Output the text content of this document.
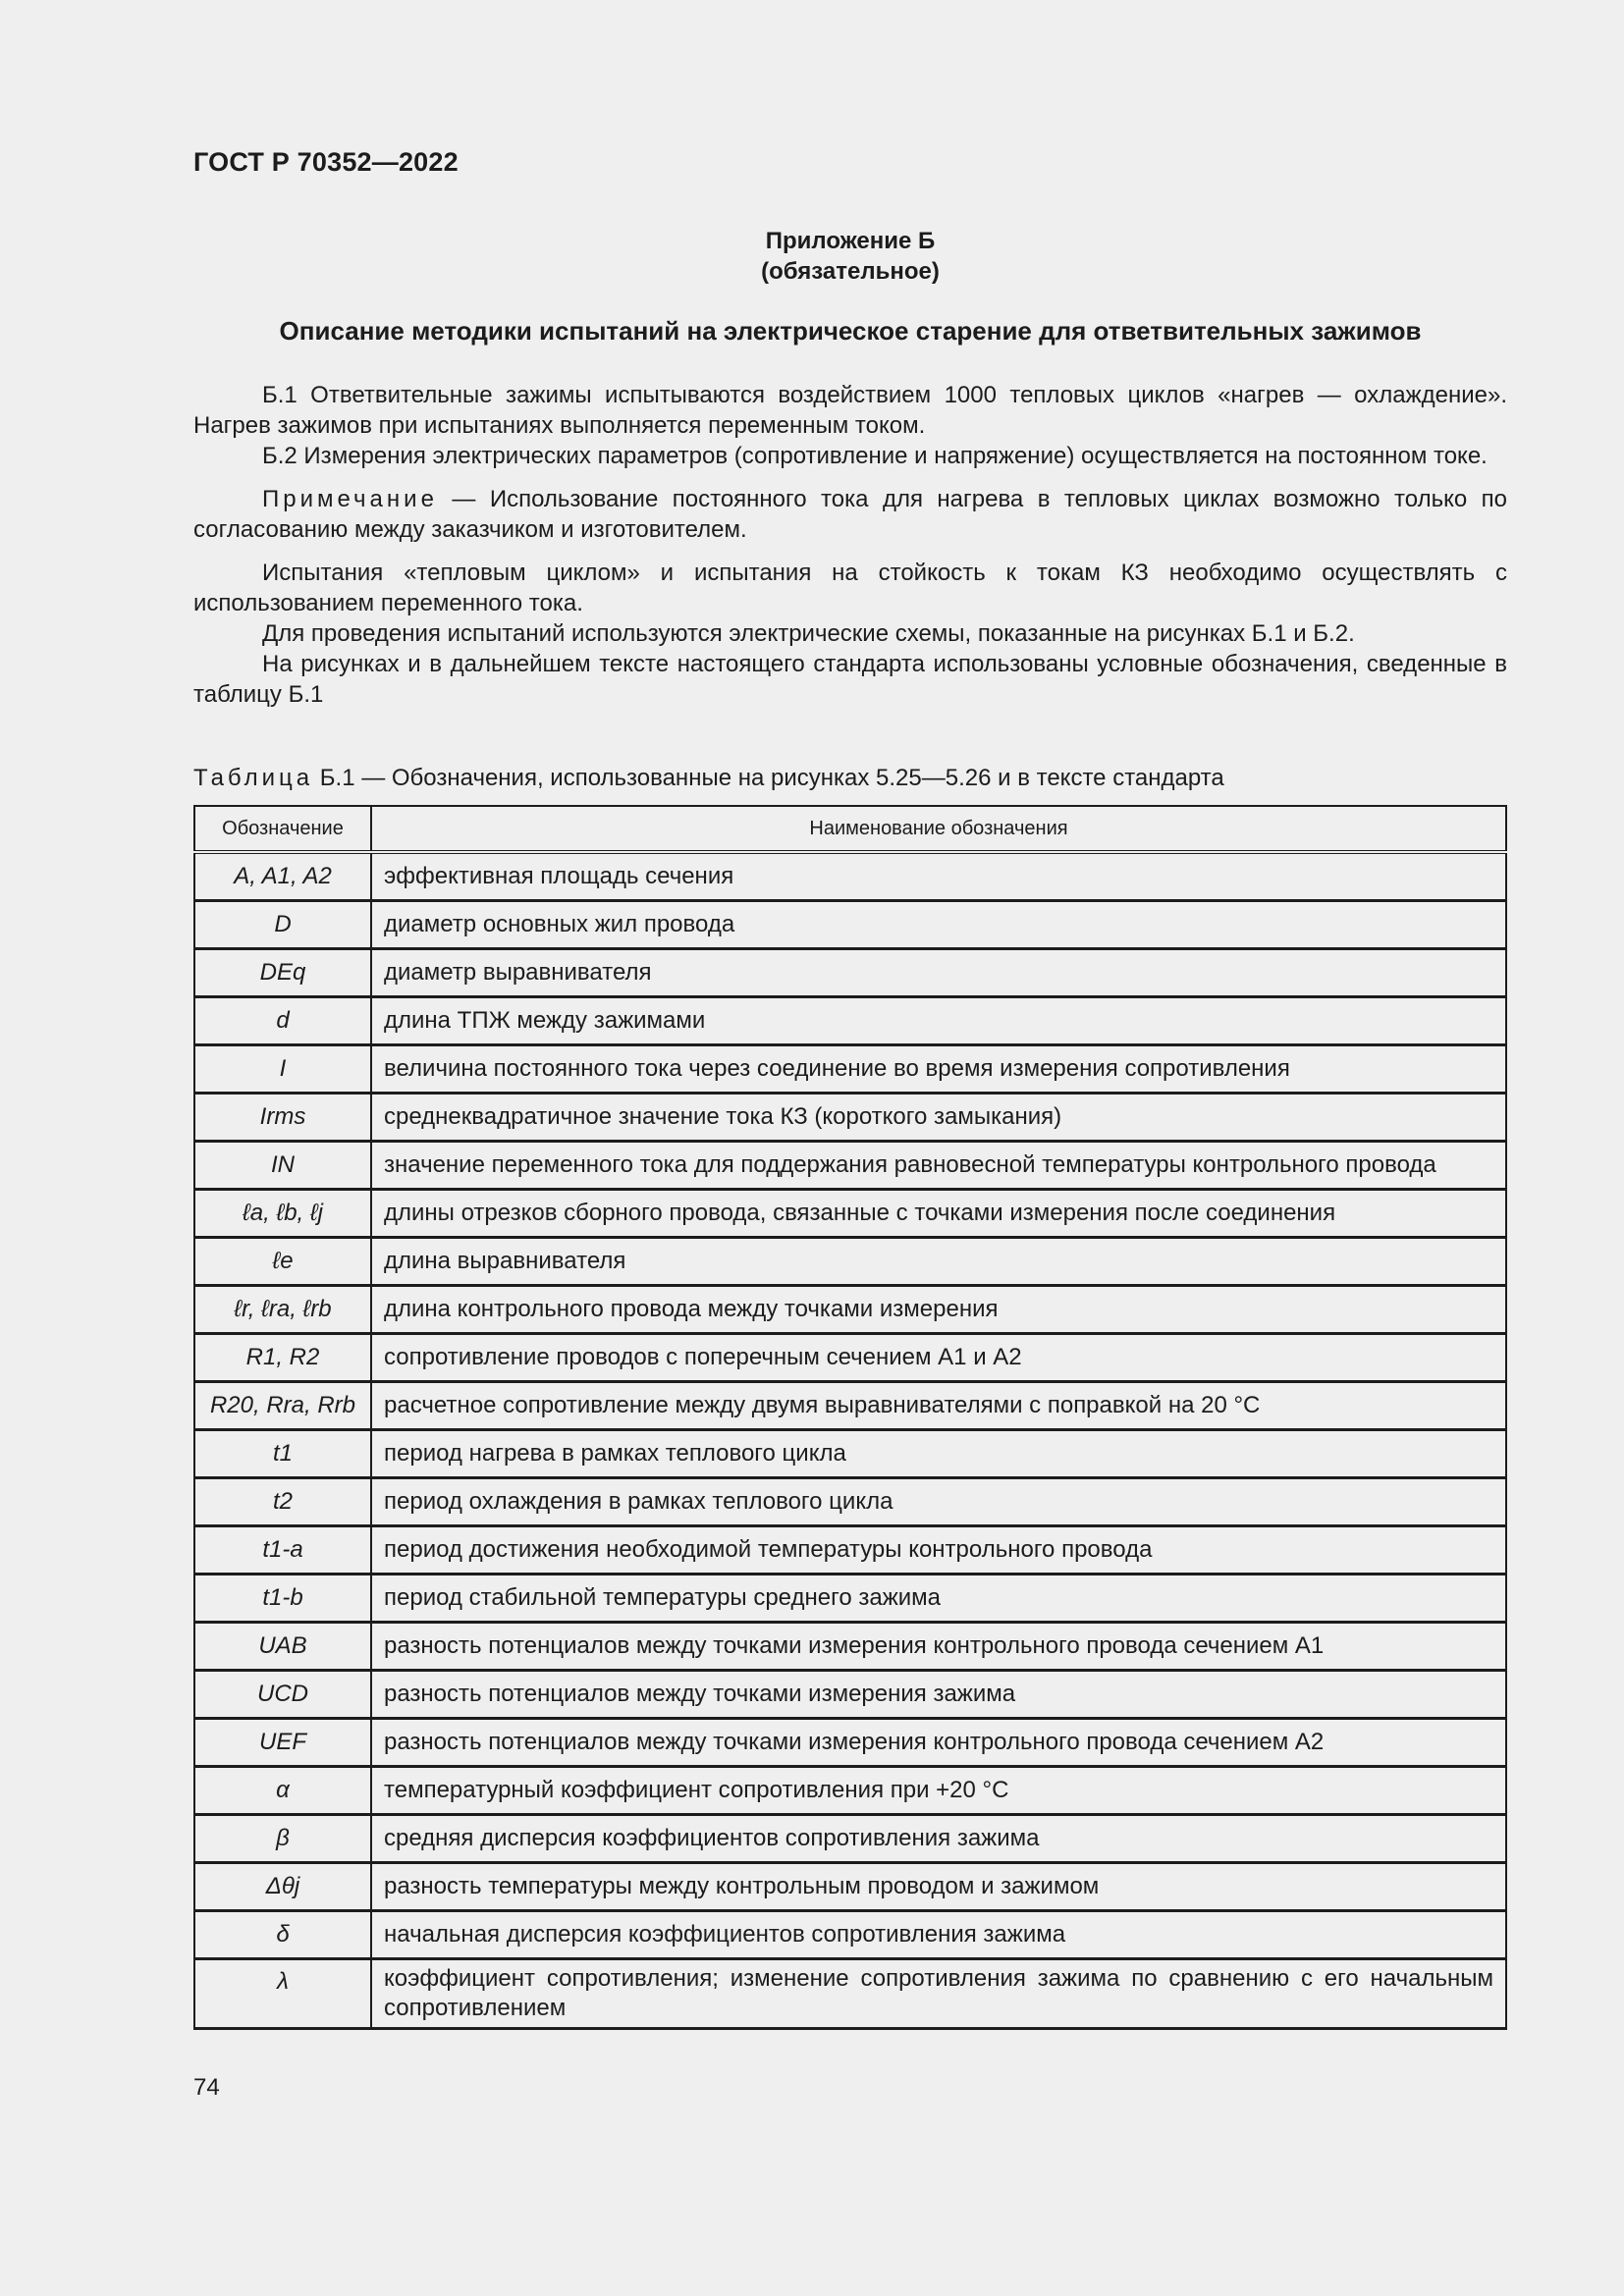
ГОСТ Р 70352—2022
Приложение Б
(обязательное)
Описание методики испытаний на электрическое старение для ответвительных зажимов

Б.1 Ответвительные зажимы испытываются воздействием 1000 тепловых циклов «нагрев — охлаждение». Нагрев зажимов при испытаниях выполняется переменным током.

Б.2 Измерения электрических параметров (сопротивление и напряжение) осуществляется на постоянном токе.

Примечание — Использование постоянного тока для нагрева в тепловых циклах возможно только по согласованию между заказчиком и изготовителем.

Испытания «тепловым циклом» и испытания на стойкость к токам КЗ необходимо осуществлять с использованием переменного тока.

Для проведения испытаний используются электрические схемы, показанные на рисунках Б.1 и Б.2.

На рисунках и в дальнейшем тексте настоящего стандарта использованы условные обозначения, сведенные в таблицу Б.1

Таблица Б.1 — Обозначения, использованные на рисунках 5.25—5.26 и в тексте стандарта
Обозначение	Наименование обозначения
A, A1, A2	эффективная площадь сечения
D	диаметр основных жил провода
DEq	диаметр выравнивателя
d	длина ТПЖ между зажимами
I	величина постоянного тока через соединение во время измерения сопротивления
Irms	среднеквадратичное значение тока КЗ (короткого замыкания)
IN	значение переменного тока для поддержания равновесной температуры контрольного провода
ℓa, ℓb, ℓj	длины отрезков сборного провода, связанные с точками измерения после соединения
ℓe	длина выравнивателя
ℓr, ℓra, ℓrb	длина контрольного провода между точками измерения
R1, R2	сопротивление проводов с поперечным сечением A1 и A2
R20, Rra, Rrb	расчетное сопротивление между двумя выравнивателями с поправкой на 20 °С
t1	период нагрева в рамках теплового цикла
t2	период охлаждения в рамках теплового цикла
t1-a	период достижения необходимой температуры контрольного провода
t1-b	период стабильной температуры среднего зажима
UAB	разность потенциалов между точками измерения контрольного провода сечением A1
UCD	разность потенциалов между точками измерения зажима
UEF	разность потенциалов между точками измерения контрольного провода сечением A2
α	температурный коэффициент сопротивления при +20 °С
β	средняя дисперсия коэффициентов сопротивления зажима
Δθj	разность температуры между контрольным проводом и зажимом
δ	начальная дисперсия коэффициентов сопротивления зажима
λ	коэффициент сопротивления; изменение сопротивления зажима по сравнению с его начальным сопротивлением
74
